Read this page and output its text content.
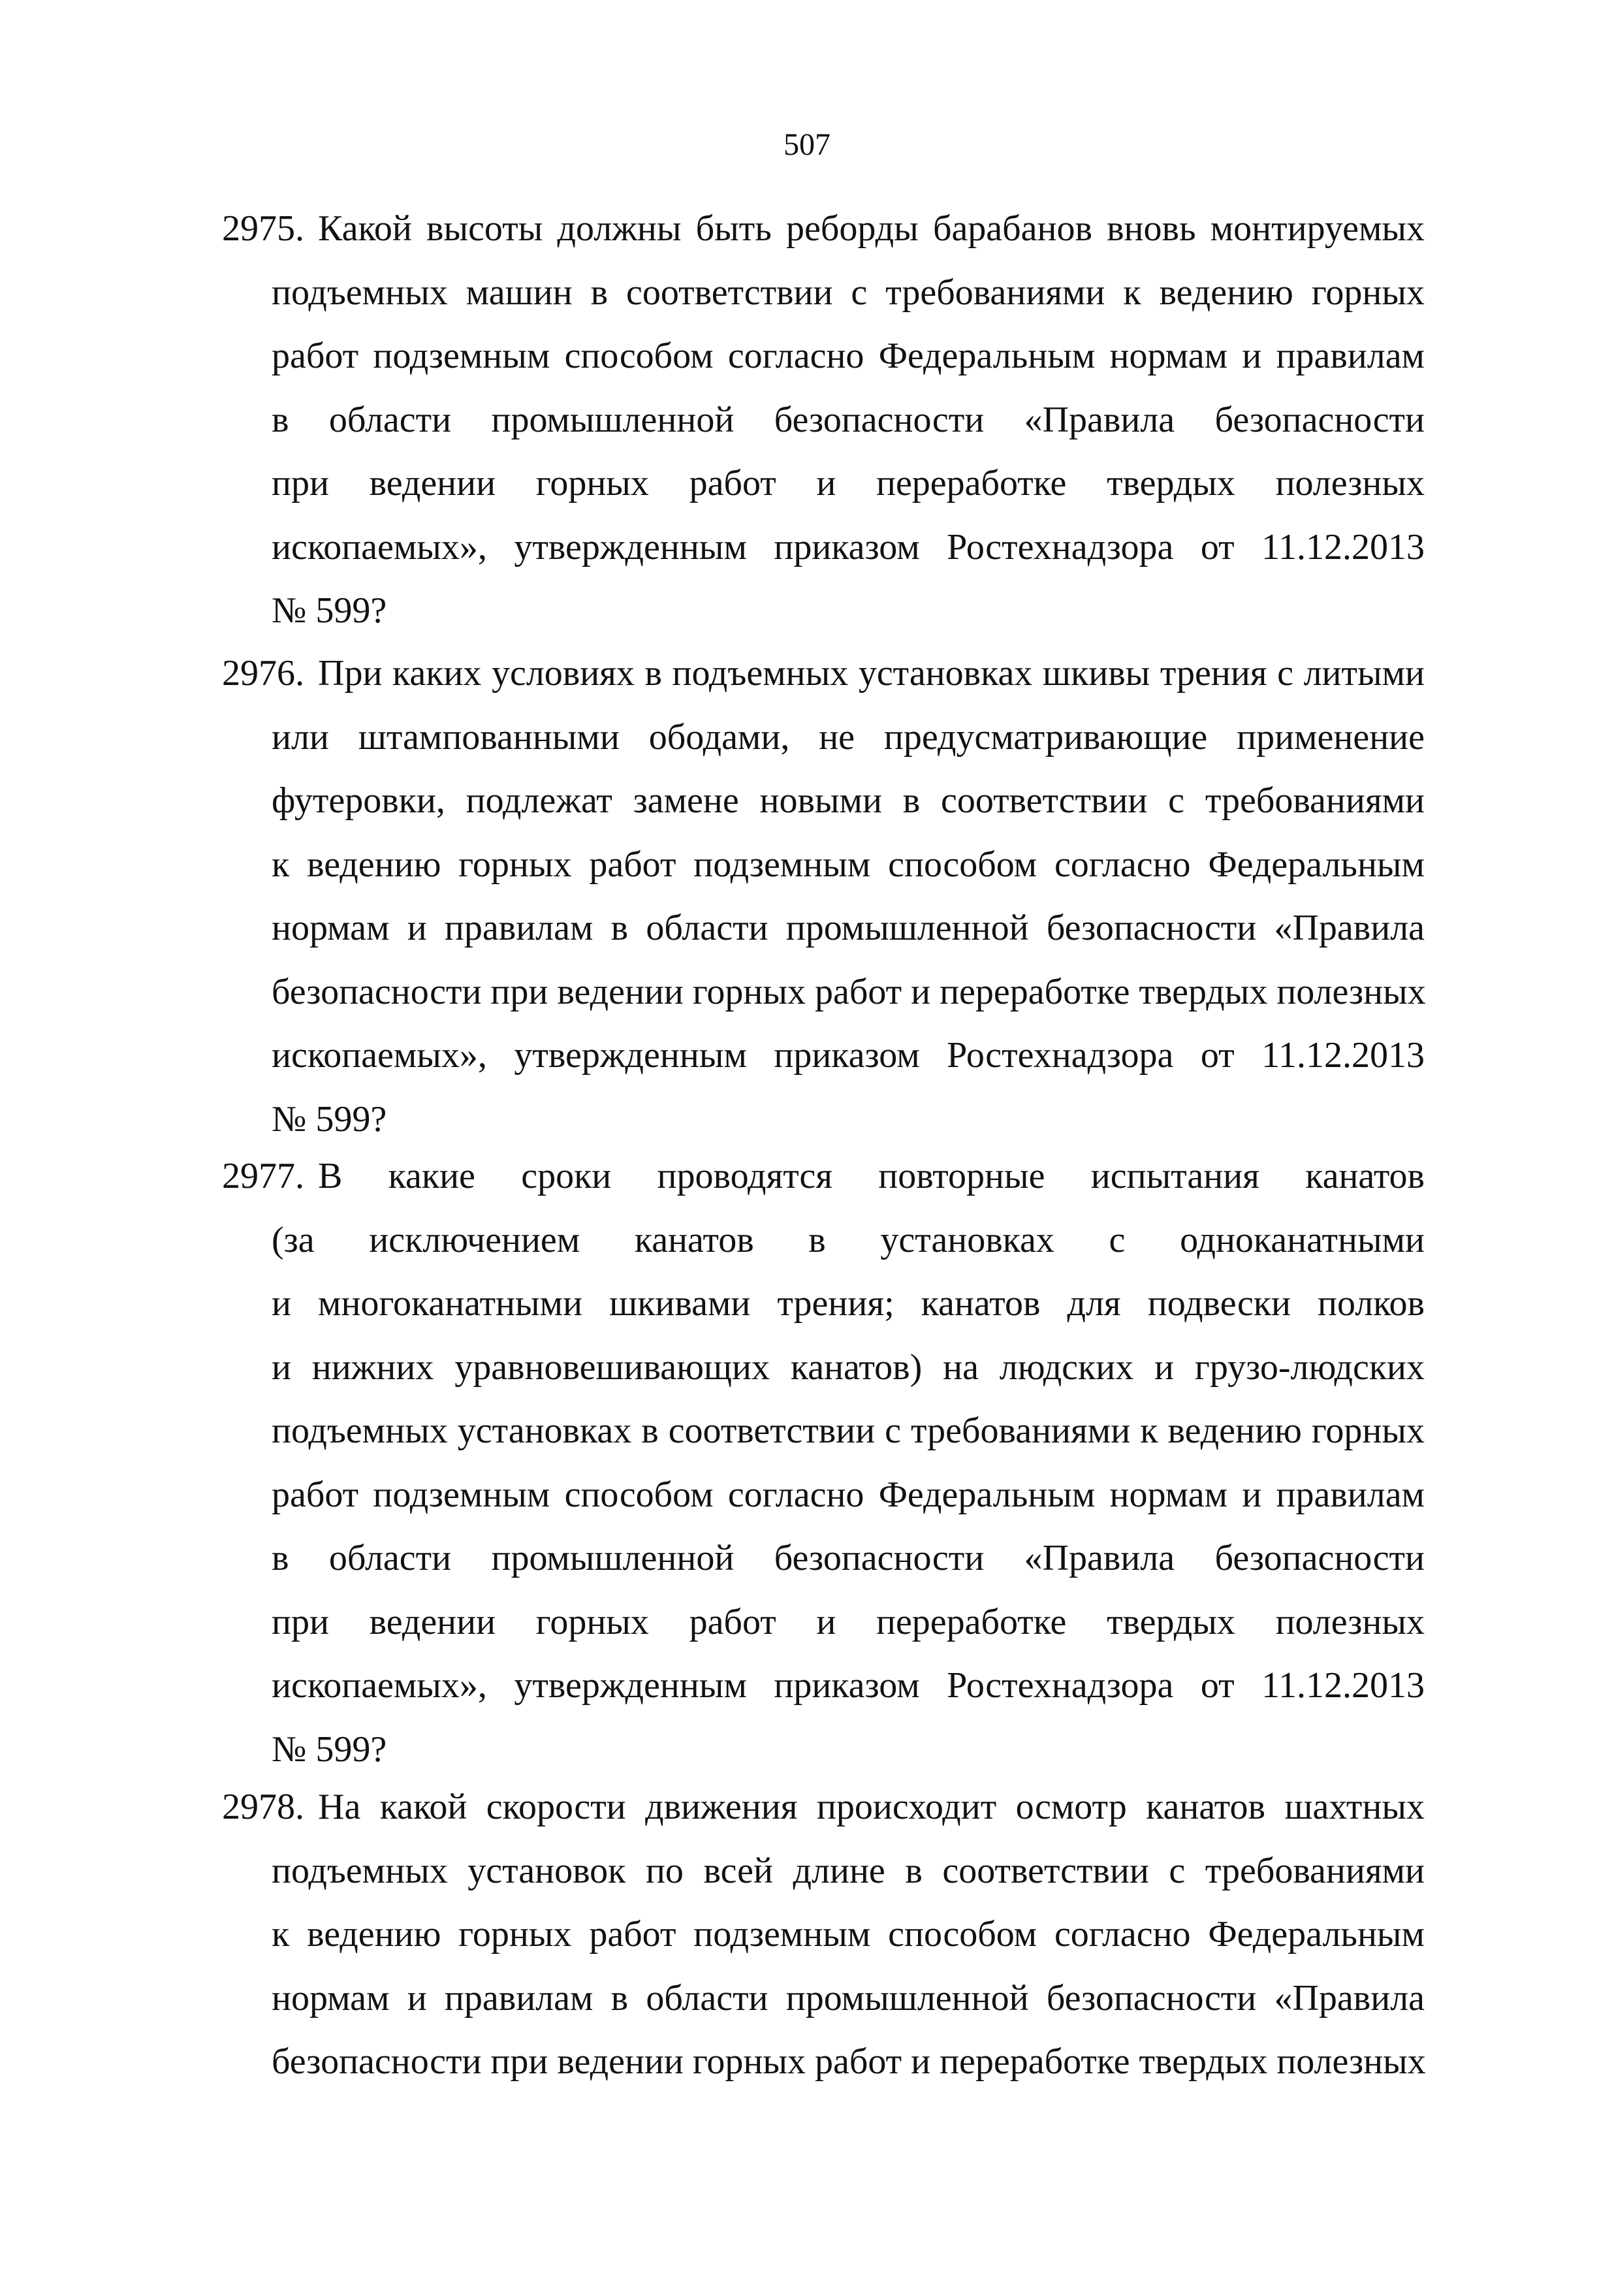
507
2975. Какой высоты должны быть реборды барабанов вновь монтируемых
подъемных машин в соответствии с требованиями к ведению горных
работ подземным способом согласно Федеральным нормам и правилам
в области промышленной безопасности «Правила безопасности
при ведении горных работ и переработке твердых полезных
ископаемых», утвержденным приказом Ростехнадзора от 11.12.2013
№ 599?
2976. При каких условиях в подъемных установках шкивы трения с литыми
или штампованными ободами, не предусматривающие применение
футеровки, подлежат замене новыми в соответствии с требованиями
к ведению горных работ подземным способом согласно Федеральным
нормам и правилам в области промышленной безопасности «Правила
безопасности при ведении горных работ и переработке твердых полезных
ископаемых», утвержденным приказом Ростехнадзора от 11.12.2013
№ 599?
2977. В какие сроки проводятся повторные испытания канатов
(за исключением канатов в установках с одноканатными
и многоканатными шкивами трения; канатов для подвески полков
и нижних уравновешивающих канатов) на людских и грузо-людских
подъемных установках в соответствии с требованиями к ведению горных
работ подземным способом согласно Федеральным нормам и правилам
в области промышленной безопасности «Правила безопасности
при ведении горных работ и переработке твердых полезных
ископаемых», утвержденным приказом Ростехнадзора от 11.12.2013
№ 599?
2978. На какой скорости движения происходит осмотр канатов шахтных
подъемных установок по всей длине в соответствии с требованиями
к ведению горных работ подземным способом согласно Федеральным
нормам и правилам в области промышленной безопасности «Правила
безопасности при ведении горных работ и переработке твердых полезных
